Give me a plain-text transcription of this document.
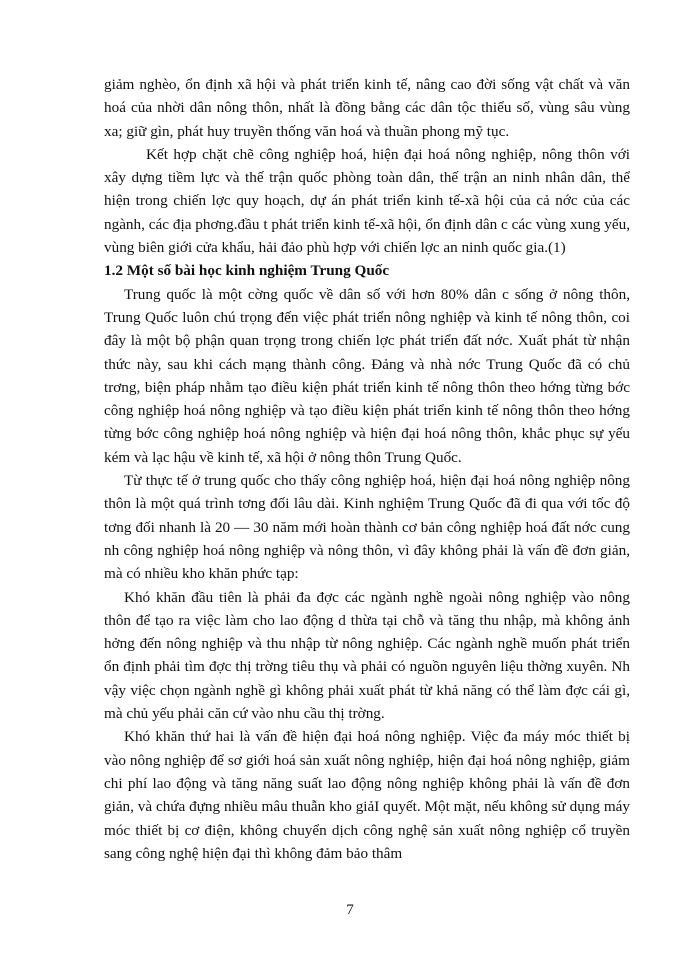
giảm nghèo, ổn định xã hội và phát triển kinh tế, nâng cao đời sống vật chất và văn hoá của nhời dân nông thôn, nhất là đồng bằng các dân tộc thiểu số, vùng sâu vùng xa; giữ gìn, phát huy truyền thống văn hoá và thuần phong mỹ tục.

Kết hợp chặt chẽ công nghiệp hoá, hiện đại hoá nông nghiệp, nông thôn với xây dựng tiềm lực và thế trận quốc phòng toàn dân, thế trận an ninh nhân dân, thể hiện trong chiến lợc quy hoạch, dự án phát triển kinh tế-xã hội của cả nớc của các ngành, các địa phơng.đầu t phát triển kinh tế-xã hội, ổn định dân c các vùng xung yếu, vùng biên giới cửa khẩu, hải đảo phù hợp với chiến lợc an ninh quốc gia.(1)

1.2 Một số bài học kinh nghiệm Trung Quốc

Trung quốc là một cờng quốc về dân số với hơn 80% dân c sống ở nông thôn, Trung Quốc luôn chú trọng đến việc phát triển nông nghiệp và kinh tế nông thôn, coi đây là một bộ phận quan trọng trong chiến lợc phát triển đất nớc. Xuất phát từ nhận thức này, sau khi cách mạng thành công. Đảng và nhà nớc Trung Quốc đã có chủ trơng, biện pháp nhằm tạo điều kiện phát triển kinh tế nông thôn theo hớng từng bớc công nghiệp hoá nông nghiệp và tạo điều kiện phát triển kinh tế nông thôn theo hớng từng bớc công nghiệp hoá nông nghiệp và hiện đại hoá nông thôn, khắc phục sự yếu kém và lạc hậu về kinh tế, xã hội ở nông thôn Trung Quốc.

Từ thực tế ở trung quốc cho thấy công nghiệp hoá, hiện đại hoá nông nghiệp nông thôn là một quá trình tơng đối lâu dài. Kinh nghiệm Trung Quốc đã đi qua với tốc độ tơng đối nhanh là 20 — 30 năm mới hoàn thành cơ bản công nghiệp hoá đất nớc cung nh công nghiệp hoá nông nghiệp và nông thôn, vì đây không phải là vấn đề đơn giản, mà có nhiều kho khăn phức tạp:

Khó khăn đầu tiên là phải đa đợc các ngành nghề ngoài nông nghiệp vào nông thôn để tạo ra việc làm cho lao động d thừa tại chỗ và tăng thu nhập, mà không ảnh hởng đến nông nghiệp và thu nhập từ nông nghiệp. Các ngành nghề muốn phát triển ổn định phải tìm đợc thị trờng tiêu thụ và phải có nguồn nguyên liệu thờng xuyên. Nh vậy việc chọn ngành nghề gì không phải xuất phát từ khả năng có thể làm đợc cái gì, mà chủ yếu phải căn cứ vào nhu cầu thị trờng.

Khó khăn thứ hai là vấn đề hiện đại hoá nông nghiệp. Việc đa máy móc thiết bị vào nông nghiệp để sơ giới hoá sản xuất nông nghiệp, hiện đại hoá nông nghiệp, giảm chi phí lao động và tăng năng suất lao động nông nghiệp không phải là vấn đề đơn giản, và chứa đựng nhiều mâu thuẫn kho giảI quyết. Một mặt, nếu không sử dụng máy móc thiết bị cơ điện, không chuyển dịch công nghệ sản xuất nông nghiệp cổ truyền sang công nghệ hiện đại thì không đảm bảo thâm

7
